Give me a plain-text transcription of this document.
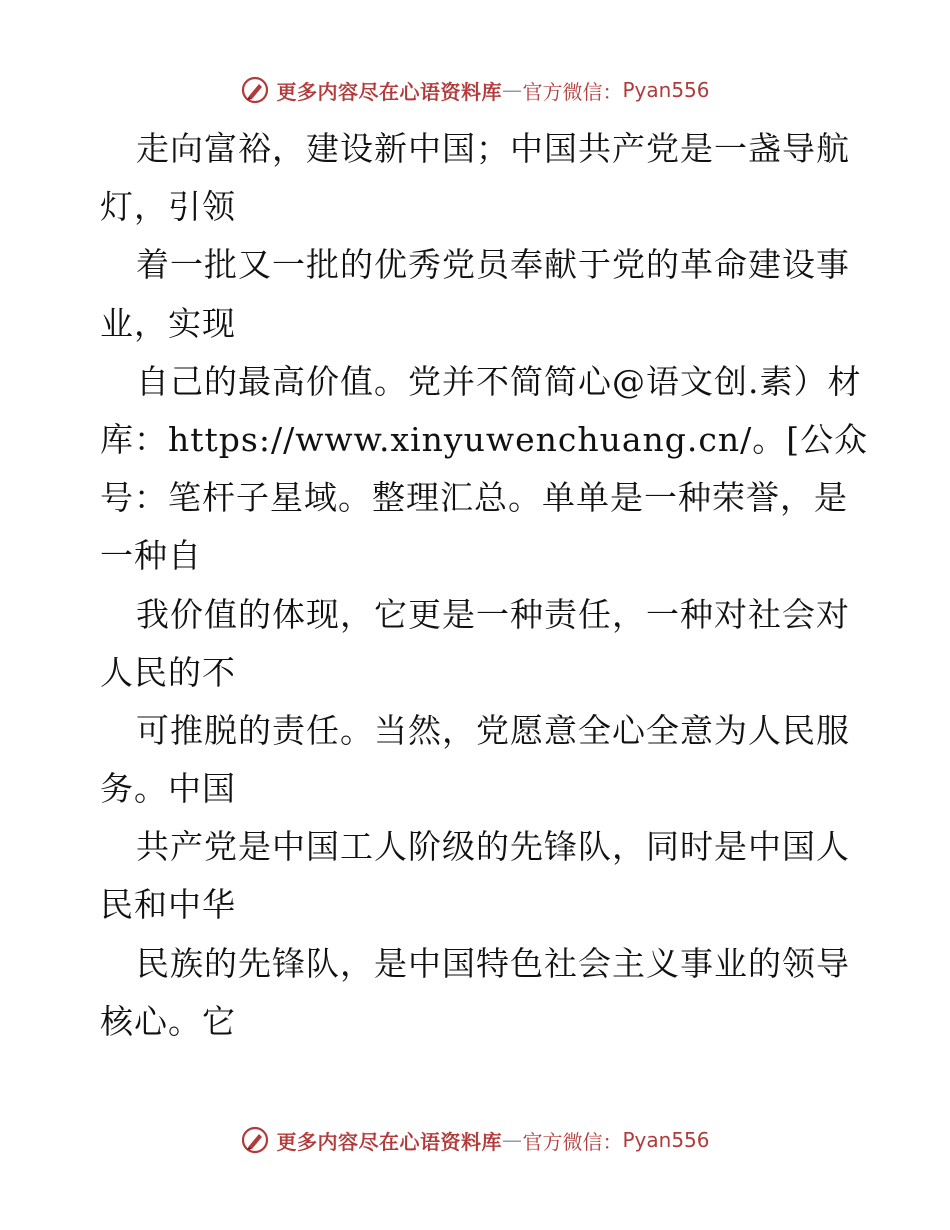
更多内容尽在心语资料库 — 官方微信： Pyan556
走向富裕，建设新中国；中国共产党是一盏导航
灯，引领
着一批又一批的优秀党员奉献于党的革命建设事
业，实现
自己的最高价值。党并不简简心@语文创.素）材
库：https://www.xinyuwenchuang.cn/。[公众
号：笔杆子星域。整理汇总。单单是一种荣誉，是
一种自
我价值的体现，它更是一种责任，一种对社会对
人民的不
可推脱的责任。当然，党愿意全心全意为人民服
务。中国
共产党是中国工人阶级的先锋队，同时是中国人
民和中华
民族的先锋队，是中国特色社会主义事业的领导
核心。它
更多内容尽在心语资料库 — 官方微信： Pyan556
